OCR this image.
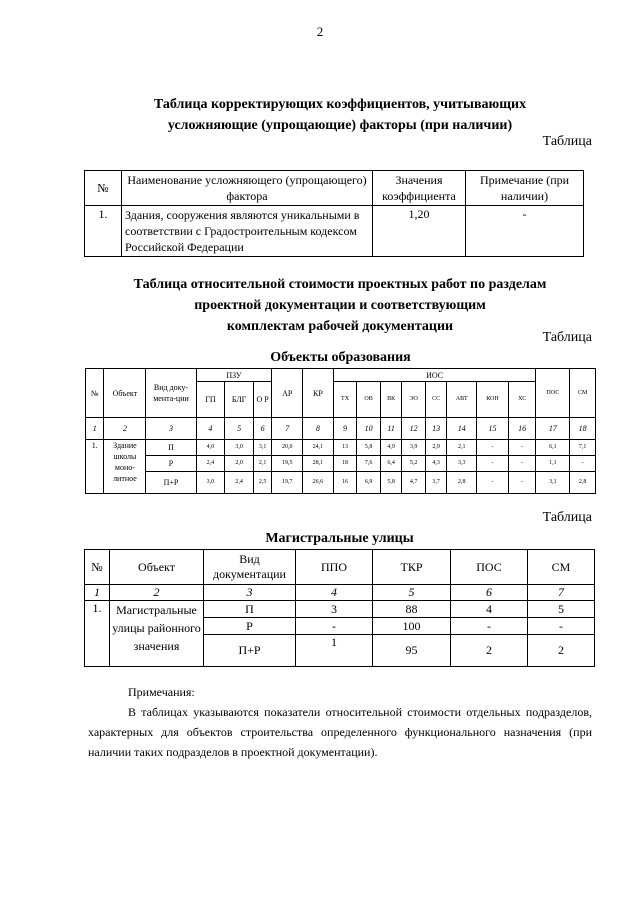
2
Таблица корректирующих коэффициентов, учитывающих
усложняющие (упрощающие) факторы (при наличии)
Таблица
№	Наименование усложняющего (упрощающего) фактора	Значения коэффициента	Примечание (при наличии)
1.	Здания, сооружения являются уникальными в соответствии с Градостроительным кодексом Российской Федерации	1,20	-
Таблица относительной стоимости проектных работ по разделам
проектной документации и соответствующим
комплектам рабочей документации
Таблица
Объекты образования
№	Объект	Вид доку-мента-ции	ПЗУ			АР	КР	ИОС								ПОС	СМ
			ГП	БЛГ	О Р			ТХ	ОВ	ВК	ЭО	СС	АВТ	КОН	ХС		
1	2	3	4	5	6	7	8	9	10	11	12	13	14	15	16	17	18
1.	Здание школы моно-литное	П	4,0	3,0	3,1	20,0	24,1	13	5,8	4,9	3,9	2,9	2,1	-	-	6,1	7,1
		Р	2,4	2,0	2,1	19,5	28,1	18	7,6	6,4	5,2	4,3	3,3	-	-	1,1	-
		П+Р	3,0	2,4	2,5	19,7	26,6	16	6,9	5,8	4,7	3,7	2,8	-	-	3,1	2,8
Таблица
Магистральные улицы
№	Объект	Вид документации	ППО	ТКР	ПОС	СМ
1	2	3	4	5	6	7
1.	Магистральные улицы районного значения	П	3	88	4	5
		Р	-	100	-	-
		П+Р	1	95	2	2

Примечания:

В таблицах указываются показатели относительной стоимости отдельных подразделов, характерных для объектов строительства определенного функционального назначения (при наличии таких подразделов в проектной документации).
